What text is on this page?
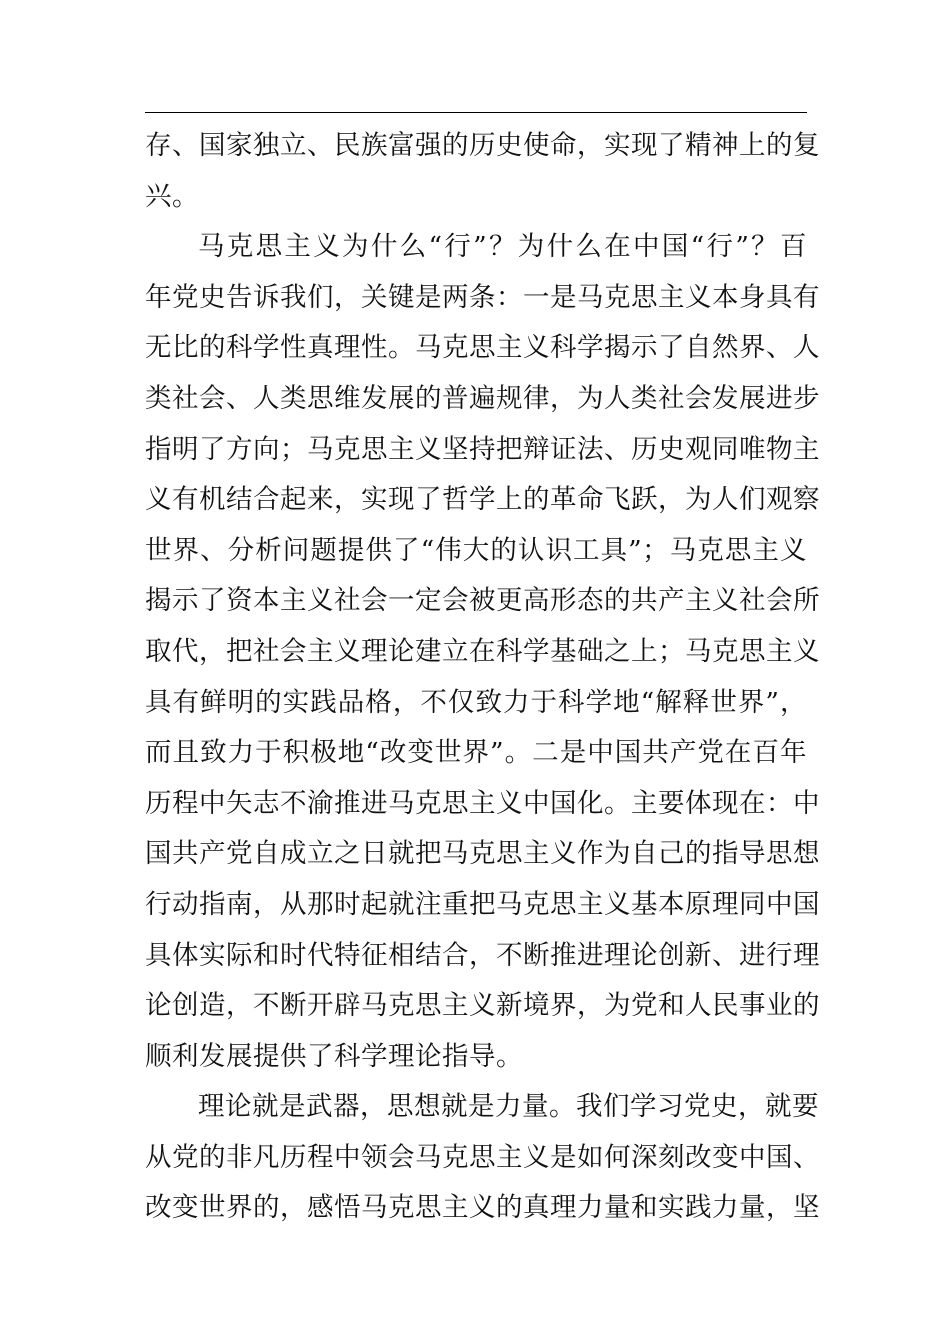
存、国家独立、民族富强的历史使命，实现了精神上的复
兴。
马克思主义为什么“行”？为什么在中国“行”？百
年党史告诉我们，关键是两条：一是马克思主义本身具有
无比的科学性真理性。马克思主义科学揭示了自然界、人
类社会、人类思维发展的普遍规律，为人类社会发展进步
指明了方向；马克思主义坚持把辩证法、历史观同唯物主
义有机结合起来，实现了哲学上的革命飞跃，为人们观察
世界、分析问题提供了“伟大的认识工具”；马克思主义
揭示了资本主义社会一定会被更高形态的共产主义社会所
取代，把社会主义理论建立在科学基础之上；马克思主义
具有鲜明的实践品格，不仅致力于科学地“解释世界”，
而且致力于积极地“改变世界”。二是中国共产党在百年
历程中矢志不渝推进马克思主义中国化。主要体现在：中
国共产党自成立之日就把马克思主义作为自己的指导思想
行动指南，从那时起就注重把马克思主义基本原理同中国
具体实际和时代特征相结合，不断推进理论创新、进行理
论创造，不断开辟马克思主义新境界，为党和人民事业的
顺利发展提供了科学理论指导。
理论就是武器，思想就是力量。我们学习党史，就要
从党的非凡历程中领会马克思主义是如何深刻改变中国、
改变世界的，感悟马克思主义的真理力量和实践力量，坚
